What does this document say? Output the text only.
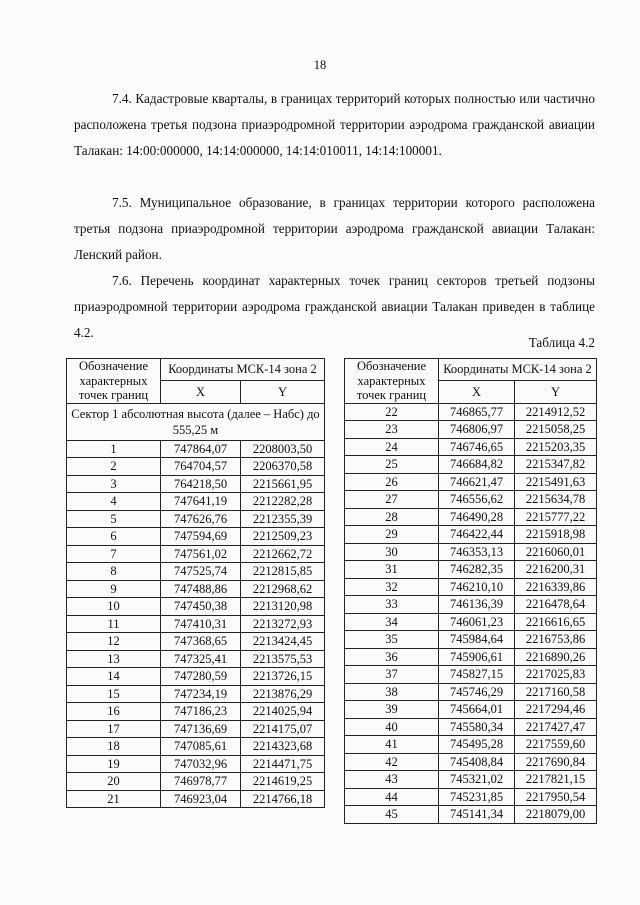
18

7.4. Кадастровые кварталы, в границах территорий которых полностью или частично расположена третья подзона приаэродромной территории аэродрома гражданской авиации Талакан: 14:00:000000, 14:14:000000, 14:14:010011, 14:14:100001.

7.5. Муниципальное образование, в границах территории которого расположена третья подзона приаэродромной территории аэродрома гражданской авиации Талакан: Ленский район.

7.6. Перечень координат характерных точек границ секторов третьей подзоны приаэродромной территории аэродрома гражданской авиации Талакан приведен в таблице 4.2.

Таблица 4.2
Обозначение характерных точек границ	Координаты МСК-14 зона 2	
	X	Y
Сектор 1 абсолютная высота (далее – Набс) до 555,25 м		
1	747864,07	2208003,50
2	764704,57	2206370,58
3	764218,50	2215661,95
4	747641,19	2212282,28
5	747626,76	2212355,39
6	747594,69	2212509,23
7	747561,02	2212662,72
8	747525,74	2212815,85
9	747488,86	2212968,62
10	747450,38	2213120,98
11	747410,31	2213272,93
12	747368,65	2213424,45
13	747325,41	2213575,53
14	747280,59	2213726,15
15	747234,19	2213876,29
16	747186,23	2214025,94
17	747136,69	2214175,07
18	747085,61	2214323,68
19	747032,96	2214471,75
20	746978,77	2214619,25
21	746923,04	2214766,18
Обозначение характерных точек границ	Координаты МСК-14 зона 2	
	X	Y
22	746865,77	2214912,52
23	746806,97	2215058,25
24	746746,65	2215203,35
25	746684,82	2215347,82
26	746621,47	2215491,63
27	746556,62	2215634,78
28	746490,28	2215777,22
29	746422,44	2215918,98
30	746353,13	2216060,01
31	746282,35	2216200,31
32	746210,10	2216339,86
33	746136,39	2216478,64
34	746061,23	2216616,65
35	745984,64	2216753,86
36	745906,61	2216890,26
37	745827,15	2217025,83
38	745746,29	2217160,58
39	745664,01	2217294,46
40	745580,34	2217427,47
41	745495,28	2217559,60
42	745408,84	2217690,84
43	745321,02	2217821,15
44	745231,85	2217950,54
45	745141,34	2218079,00
